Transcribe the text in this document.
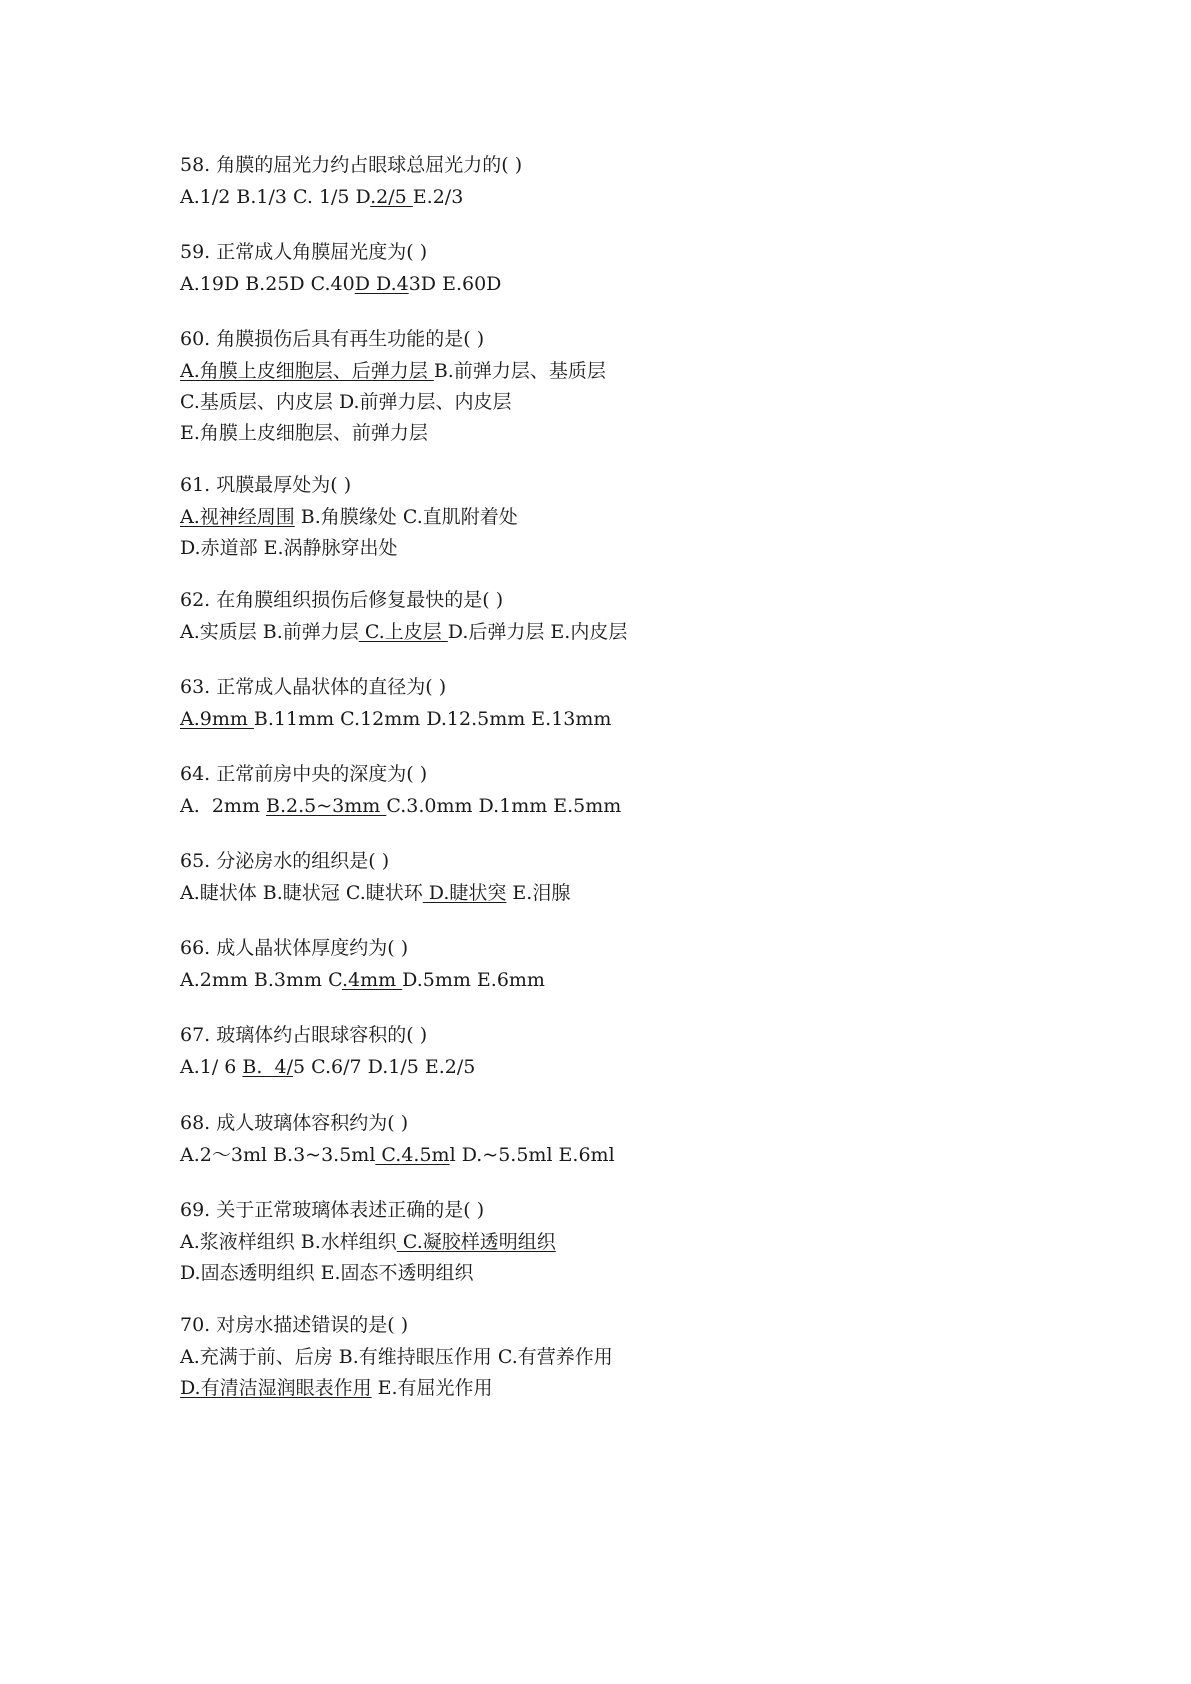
58. 角膜的屈光力约占眼球总屈光力的( )
A.1/2 B.1/3 C. 1/5 D.2/5 E.2/3
59. 正常成人角膜屈光度为( )
A.19D B.25D C.40D D.43D E.60D
60. 角膜损伤后具有再生功能的是( )
A.角膜上皮细胞层、后弹力层 B.前弹力层、基质层
C.基质层、内皮层 D.前弹力层、内皮层
E.角膜上皮细胞层、前弹力层
61. 巩膜最厚处为( )
A.视神经周围 B.角膜缘处 C.直肌附着处
D.赤道部 E.涡静脉穿出处
62. 在角膜组织损伤后修复最快的是( )
A.实质层 B.前弹力层 C.上皮层 D.后弹力层 E.内皮层
63. 正常成人晶状体的直径为( )
A.9mm B.11mm C.12mm D.12.5mm E.13mm
64. 正常前房中央的深度为( )
A.  2mm B.2.5~3mm C.3.0mm D.1mm E.5mm
65. 分泌房水的组织是( )
A.睫状体 B.睫状冠 C.睫状环 D.睫状突 E.泪腺
66. 成人晶状体厚度约为( )
A.2mm B.3mm C.4mm D.5mm E.6mm
67. 玻璃体约占眼球容积的( )
A.1/ 6 B.  4/5 C.6/7 D.1/5 E.2/5
68. 成人玻璃体容积约为( )
A.2～3ml B.3~3.5ml C.4.5ml D.~5.5ml E.6ml
69. 关于正常玻璃体表述正确的是( )
A.浆液样组织 B.水样组织 C.凝胶样透明组织
D.固态透明组织 E.固态不透明组织
70. 对房水描述错误的是( )
A.充满于前、后房 B.有维持眼压作用 C.有营养作用
D.有清洁湿润眼表作用 E.有屈光作用
